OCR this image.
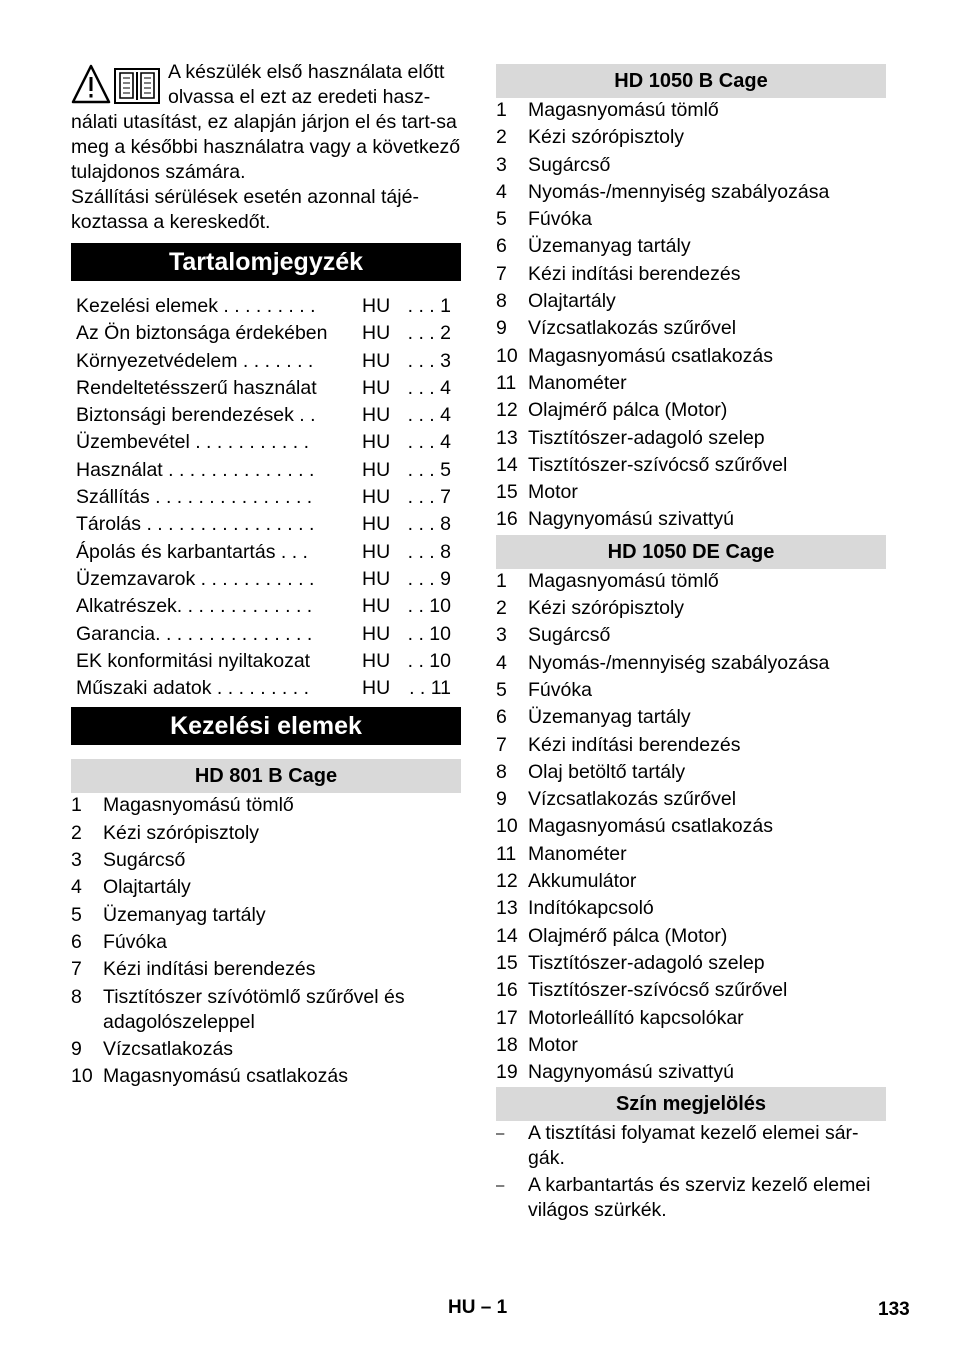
A készülék első használata előtt
olvassa el ezt az eredeti hasz-

nálati utasítást, ez alapján járjon el és tart-sa meg a későbbi használatra vagy a következő tulajdonos számára.

Szállítási sérülések esetén azonnal tájé-koztassa a kereskedőt.

Tartalomjegyzék
Kezelési elemek . . . . . . . . .	HU	. . . 1
Az Ön biztonsága érdekében	HU	. . . 2
Környezetvédelem . . . . . . .	HU	. . . 3
Rendeltetésszerű használat	HU	. . . 4
Biztonsági berendezések . .	HU	. . . 4
Üzembevétel . . . . . . . . . . .	HU	. . . 4
Használat . . . . . . . . . . . . . .	HU	. . . 5
Szállítás . . . . . . . . . . . . . . .	HU	. . . 7
Tárolás . . . . . . . . . . . . . . . .	HU	. . . 8
Ápolás és karbantartás . . .	HU	. . . 8
Üzemzavarok . . . . . . . . . . .	HU	. . . 9
Alkatrészek. . . . . . . . . . . . .	HU	. . 10
Garancia. . . . . . . . . . . . . . .	HU	. . 10
EK konformitási nyiltakozat	HU	. . 10
Műszaki adatok . . . . . . . . .	HU	. . 11
Kezelési elemek
HD 801 B Cage
1	Magasnyomású tömlő
2	Kézi szórópisztoly
3	Sugárcső
4	Olajtartály
5	Üzemanyag tartály
6	Fúvóka
7	Kézi indítási berendezés
8	Tisztítószer szívótömlő szűrővel és adagolószeleppel
9	Vízcsatlakozás
10 Magasnyomású csatlakozás
HD 1050 B Cage
1	Magasnyomású tömlő
2	Kézi szórópisztoly
3	Sugárcső
4	Nyomás-/mennyiség szabályozása
5	Fúvóka
6	Üzemanyag tartály
7	Kézi indítási berendezés
8	Olajtartály
9	Vízcsatlakozás szűrővel
10 Magasnyomású csatlakozás
11 Manométer
12 Olajmérő pálca (Motor)
13 Tisztítószer-adagoló szelep
14 Tisztítószer-szívócső szűrővel
15 Motor
16 Nagynyomású szivattyú
HD 1050 DE Cage
1	Magasnyomású tömlő
2	Kézi szórópisztoly
3	Sugárcső
4	Nyomás-/mennyiség szabályozása
5	Fúvóka
6	Üzemanyag tartály
7	Kézi indítási berendezés
8	Olaj betöltő tartály
9	Vízcsatlakozás szűrővel
10 Magasnyomású csatlakozás
11 Manométer
12 Akkumulátor
13 Indítókapcsoló
14 Olajmérő pálca (Motor)
15 Tisztítószer-adagoló szelep
16 Tisztítószer-szívócső szűrővel
17 Motorleállító kapcsolókar
18 Motor
19 Nagynyomású szivattyú
Szín megjelölés
–	A tisztítási folyamat kezelő elemei sár-gák.
–	A karbantartás és szerviz kezelő elemei világos szürkék.
HU – 1	133
